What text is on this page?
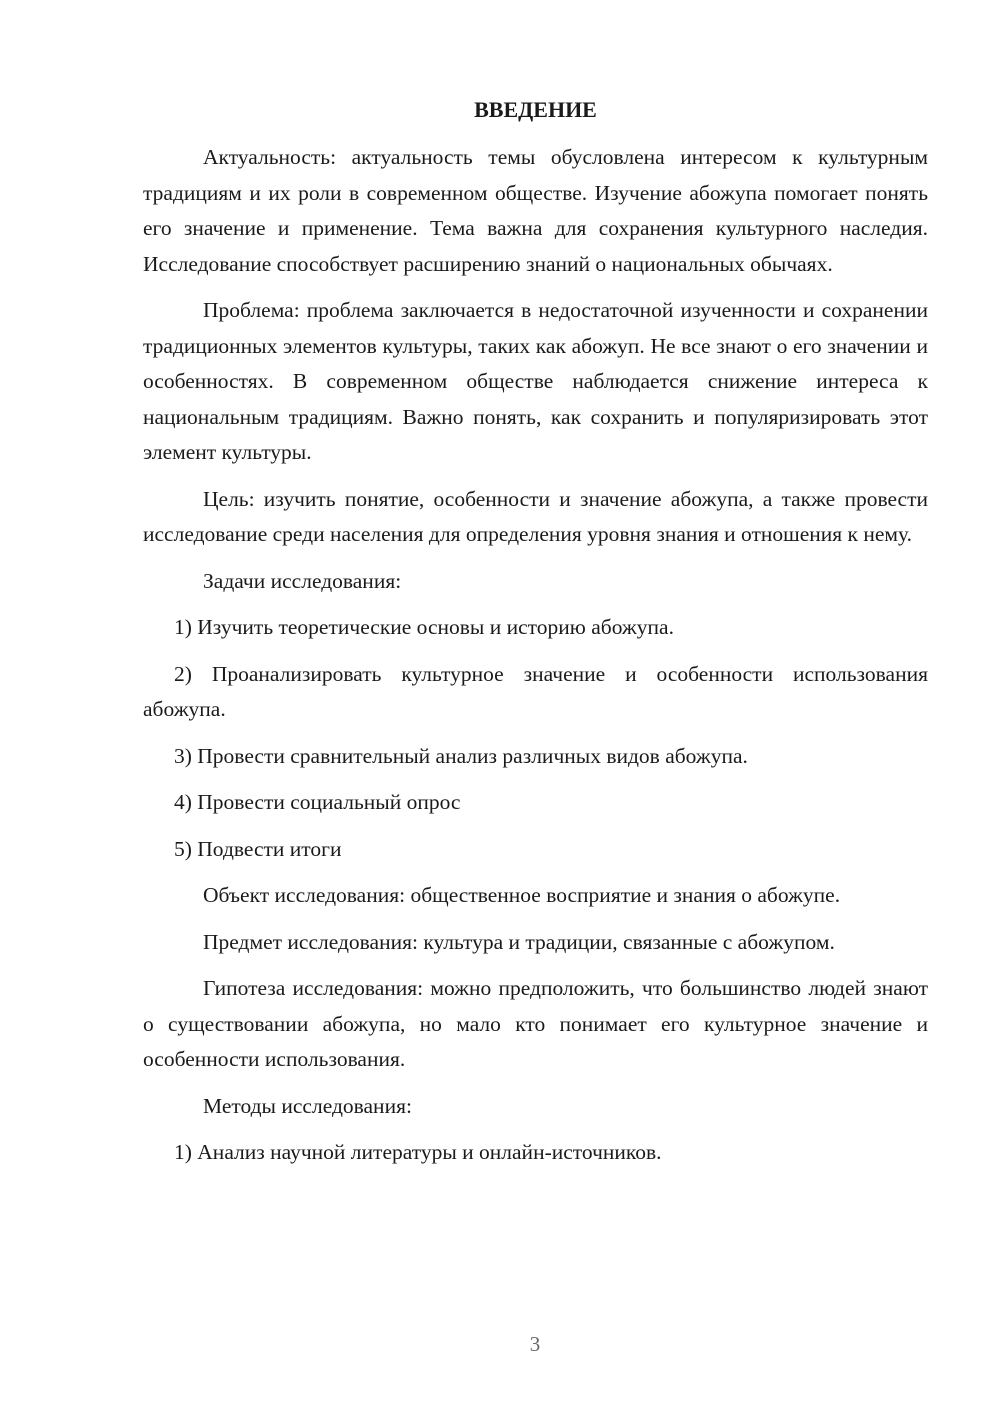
ВВЕДЕНИЕ

Актуальность: актуальность темы обусловлена интересом к культурным традициям и их роли в современном обществе. Изучение абожупа помогает понять его значение и применение. Тема важна для сохранения культурного наследия. Исследование способствует расширению знаний о национальных обычаях.

Проблема: проблема заключается в недостаточной изученности и сохранении традиционных элементов культуры, таких как абожуп. Не все знают о его значении и особенностях. В современном обществе наблюдается снижение интереса к национальным традициям. Важно понять, как сохранить и популяризировать этот элемент культуры.

Цель: изучить понятие, особенности и значение абожупа, а также провести исследование среди населения для определения уровня знания и отношения к нему.

Задачи исследования:

1) Изучить теоретические основы и историю абожупа.

2) Проанализировать культурное значение и особенности использования абожупа.

3) Провести сравнительный анализ различных видов абожупа.

4) Провести социальный опрос

5) Подвести итоги

Объект исследования: общественное восприятие и знания о абожупе.

Предмет исследования: культура и традиции, связанные с абожупом.

Гипотеза исследования: можно предположить, что большинство людей знают о существовании абожупа, но мало кто понимает его культурное значение и особенности использования.

Методы исследования:

1) Анализ научной литературы и онлайн-источников.

3
